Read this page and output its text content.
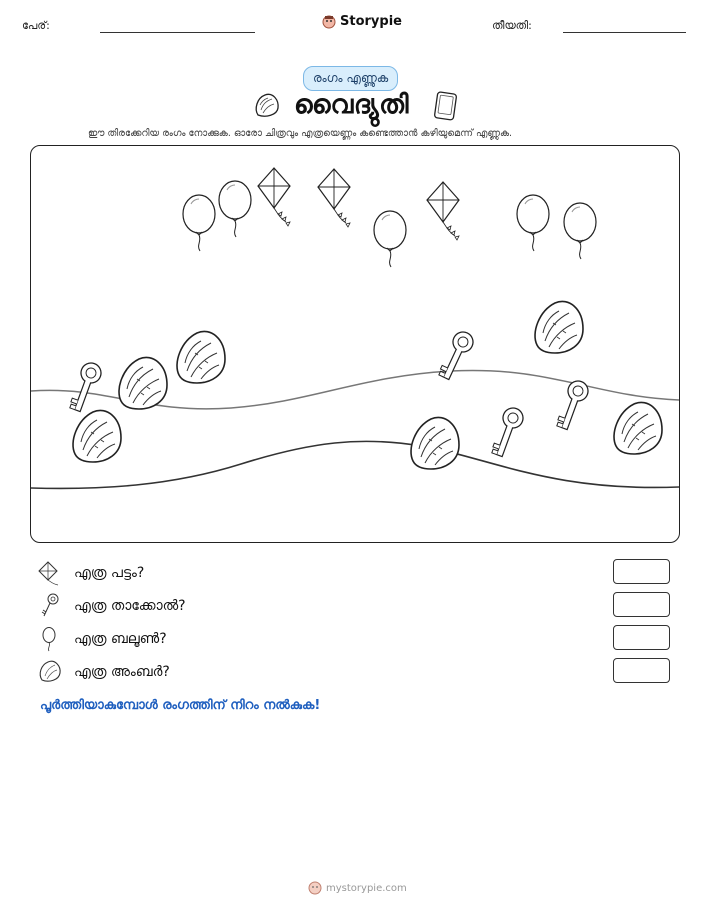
പേര്:	Storypie	തീയതി:
രംഗം എണ്ണുക
വൈദ്യുതി
ഈ തിരക്കേറിയ രംഗം നോക്കുക. ഓരോ ചിത്രവും എത്രയെണ്ണം കണ്ടെത്താൻ കഴിയുമെന്ന് എണ്ണുക.
എത്ര പട്ടം?
എത്ര താക്കോൽ?
എത്ര ബലൂൺ?
എത്ര അംബർ?
പൂർത്തിയാകുമ്പോൾ രംഗത്തിന് നിറം നൽകുക!
mystorypie.com
